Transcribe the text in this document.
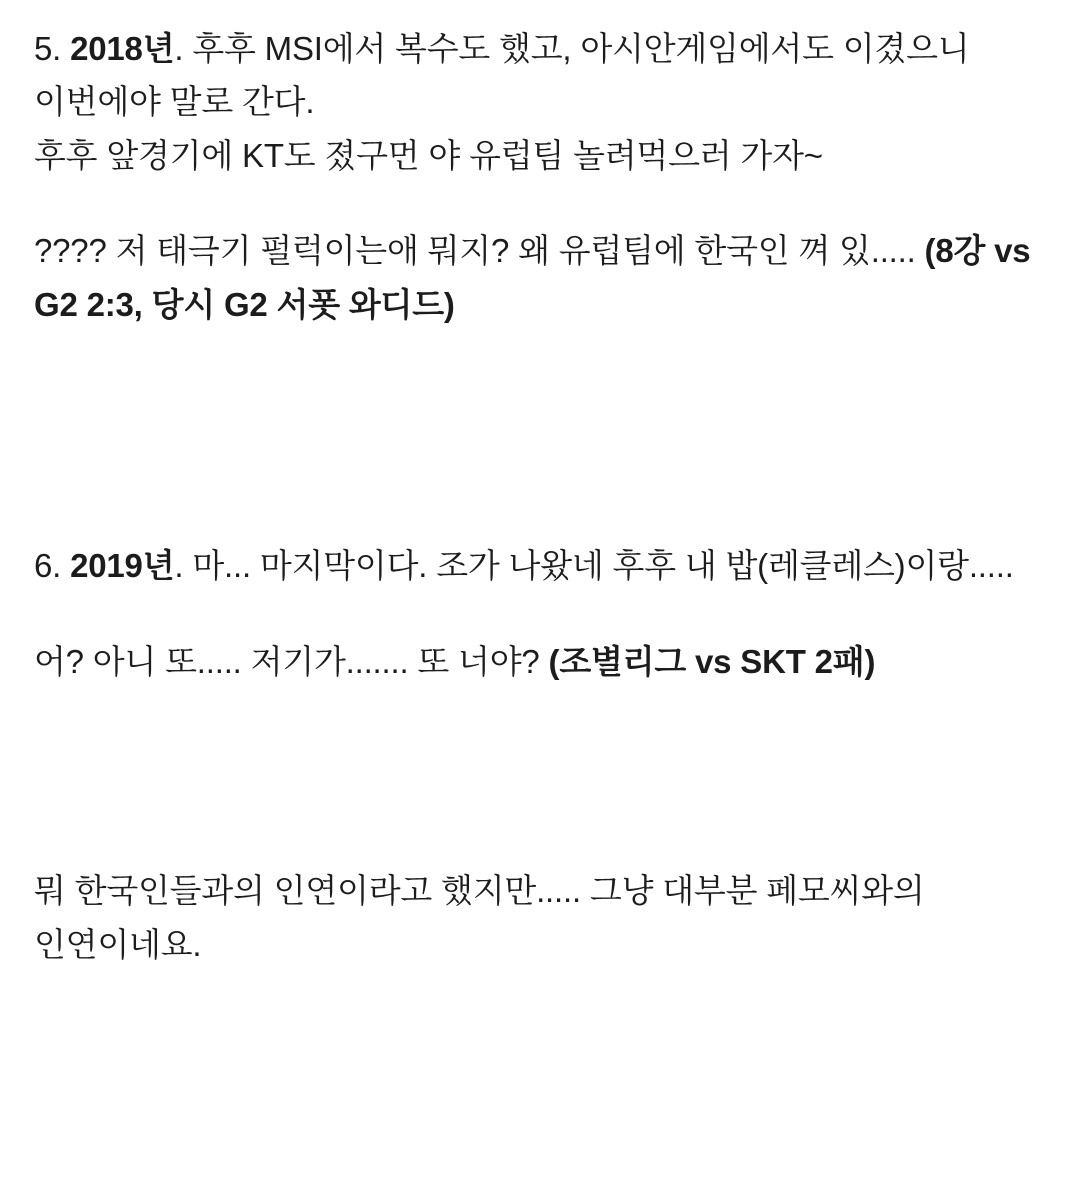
5. 2018년. 후후 MSI에서 복수도 했고, 아시안게임에서도 이겼으니 이번에야 말로 간다.

후후 앞경기에 KT도 졌구먼 야 유럽팀 놀려먹으러 가자~

???? 저 태극기 펄럭이는애 뭐지? 왜 유럽팀에 한국인 껴 있..... (8강 vs G2 2:3, 당시 G2 서폿 와디드)

6. 2019년. 마... 마지막이다. 조가 나왔네 후후 내 밥(레클레스)이랑.....

어? 아니 또..... 저기가....... 또 너야? (조별리그 vs SKT 2패)

뭐 한국인들과의 인연이라고 했지만..... 그냥 대부분 페모씨와의 인연이네요.
